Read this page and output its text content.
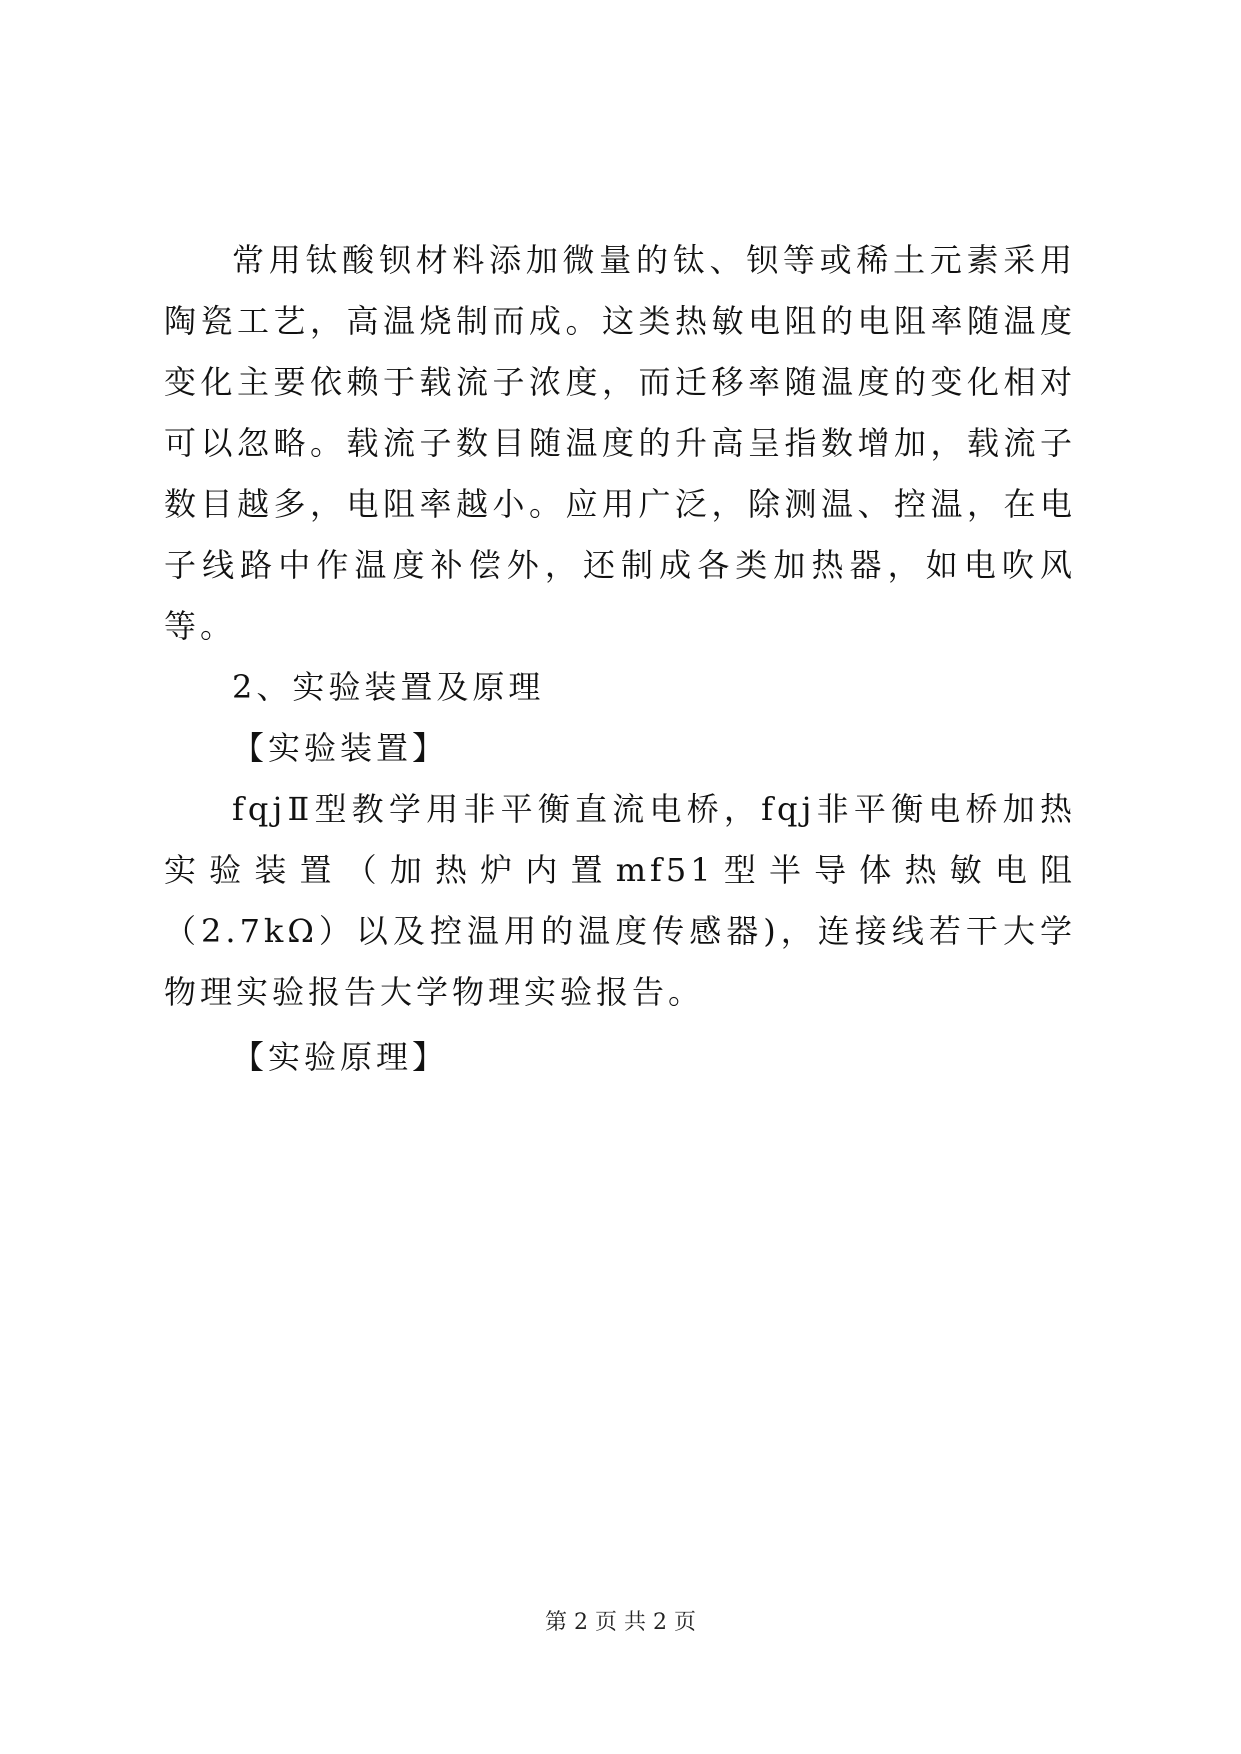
常用钛酸钡材料添加微量的钛、钡等或稀土元素采用陶瓷工艺，高温烧制而成。这类热敏电阻的电阻率随温度变化主要依赖于载流子浓度，而迁移率随温度的变化相对可以忽略。载流子数目随温度的升高呈指数增加，载流子数目越多，电阻率越小。应用广泛，除测温、控温，在电子线路中作温度补偿外，还制成各类加热器，如电吹风等。

2、实验装置及原理

【实验装置】

fqjⅡ型教学用非平衡直流电桥，fqj非平衡电桥加热实验装置（加热炉内置mf51型半导体热敏电阻（2.7kΩ）以及控温用的温度传感器)，连接线若干大学物理实验报告大学物理实验报告。

【实验原理】

第 2 页 共 2 页
